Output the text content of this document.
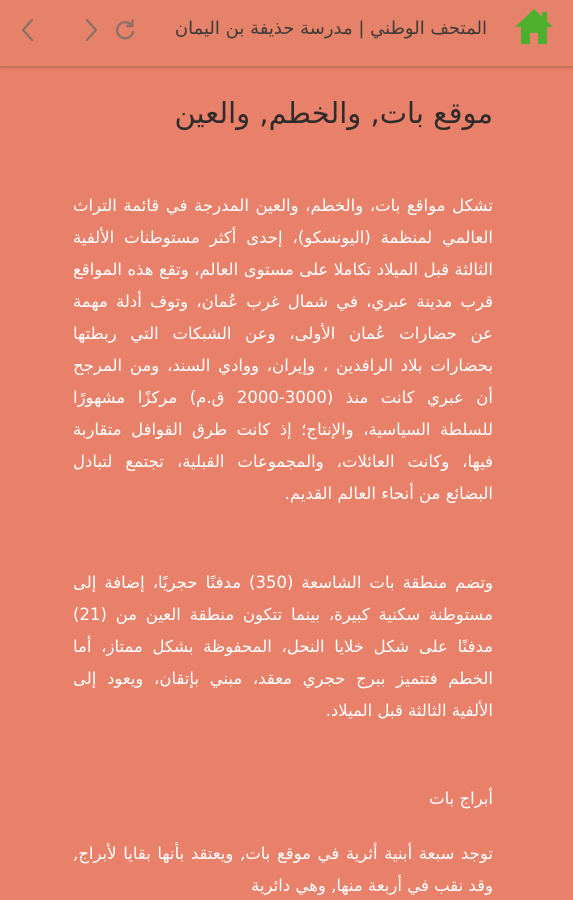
المتحف الوطني | مدرسة حذيفة بن اليمان
موقع بات, والخطم, والعين

تشكل مواقع بات، والخطم، والعين المدرجة في قائمة التراث العالمي لمنظمة (اليونسكو)، إحدى أكثر مستوطنات الألفية الثالثة قبل الميلاد تكاملا على مستوى العالم، وتقع هذه المواقع قرب مدينة عبري، في شمال غرب عُمان، وتوف أدلة مهمة عن حضارات عُمان الأولى، وعن الشبكات التي ربطتها بحضارات بلاد الرافدين ، وإيران، ووادي السند، ومن المرجح أن عبري كانت منذ (3000-2000 ق.م) مركزًا مشهورًا للسلطة السياسية، والإنتاج؛ إذ كانت طرق القوافل متقاربة فيها، وكانت العائلات، والمجموعات القبلية، تجتمع لتبادل البضائع من أنحاء العالم القديم.

وتضم منطقة بات الشاسعة (350) مدفنًا حجريًا، إضافة إلى مستوطنة سكنية كبيرة، بينما تتكون منطقة العين من (21) مدفنًا على شكل خلايا النحل، المحفوظة بشكل ممتاز، أما الخطم فتتميز ببرج حجري معقد، مبني بإتقان، ويعود إلى الألفية الثالثة قبل الميلاد.

أبراج بات

توجد سبعة أبنية أثرية في موقع بات, ويعتقد بأنها بقايا لأبراج, وقد نقب في أربعة منها, وهي دائرية
